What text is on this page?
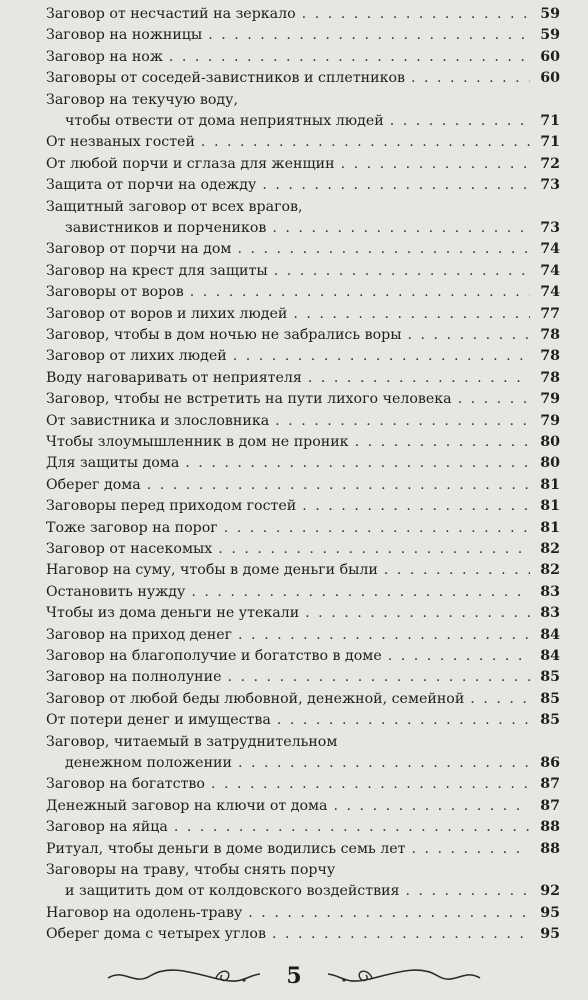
Заговор от несчастий на зеркало . . .	59
Заговор на ножницы . . .	59
Заговор на нож . . .	60
Заговоры от соседей-завистников и сплетников . . .	60
Заговор на текучую воду,
чтобы отвести от дома неприятных людей . . .	71
От незваных гостей . . .	71
От любой порчи и сглаза для женщин . . .	72
Защита от порчи на одежду . . .	73
Защитный заговор от всех врагов,
завистников и порчеников . . .	73
Заговор от порчи на дом . . .	74
Заговор на крест для защиты . . .	74
Заговоры от воров . . .	74
Заговор от воров и лихих людей . . .	77
Заговор, чтобы в дом ночью не забрались воры . . .	78
Заговор от лихих людей . . .	78
Воду наговаривать от неприятеля . . .	78
Заговор, чтобы не встретить на пути лихого человека . . .	79
От завистника и злословника . . .	79
Чтобы злоумышленник в дом не проник . . .	80
Для защиты дома . . .	80
Оберег дома . . .	81
Заговоры перед приходом гостей . . .	81
Тоже заговор на порог . . .	81
Заговор от насекомых . . .	82
Наговор на суму, чтобы в доме деньги были . . .	82
Остановить нужду . . .	83
Чтобы из дома деньги не утекали . . .	83
Заговор на приход денег . . .	84
Заговор на благополучие и богатство в доме . . .	84
Заговор на полнолуние . . .	85
Заговор от любой беды любовной, денежной, семейной . . .	85
От потери денег и имущества . . .	85
Заговор, читаемый в затруднительном
денежном положении . . .	86
Заговор на богатство . . .	87
Денежный заговор на ключи от дома . . .	87
Заговор на яйца . . .	88
Ритуал, чтобы деньги в доме водились семь лет . . .	88
Заговоры на траву, чтобы снять порчу
и защитить дом от колдовского воздействия . . .	92
Наговор на одолень-траву . . .	95
Оберег дома с четырех углов . . .	95
5
